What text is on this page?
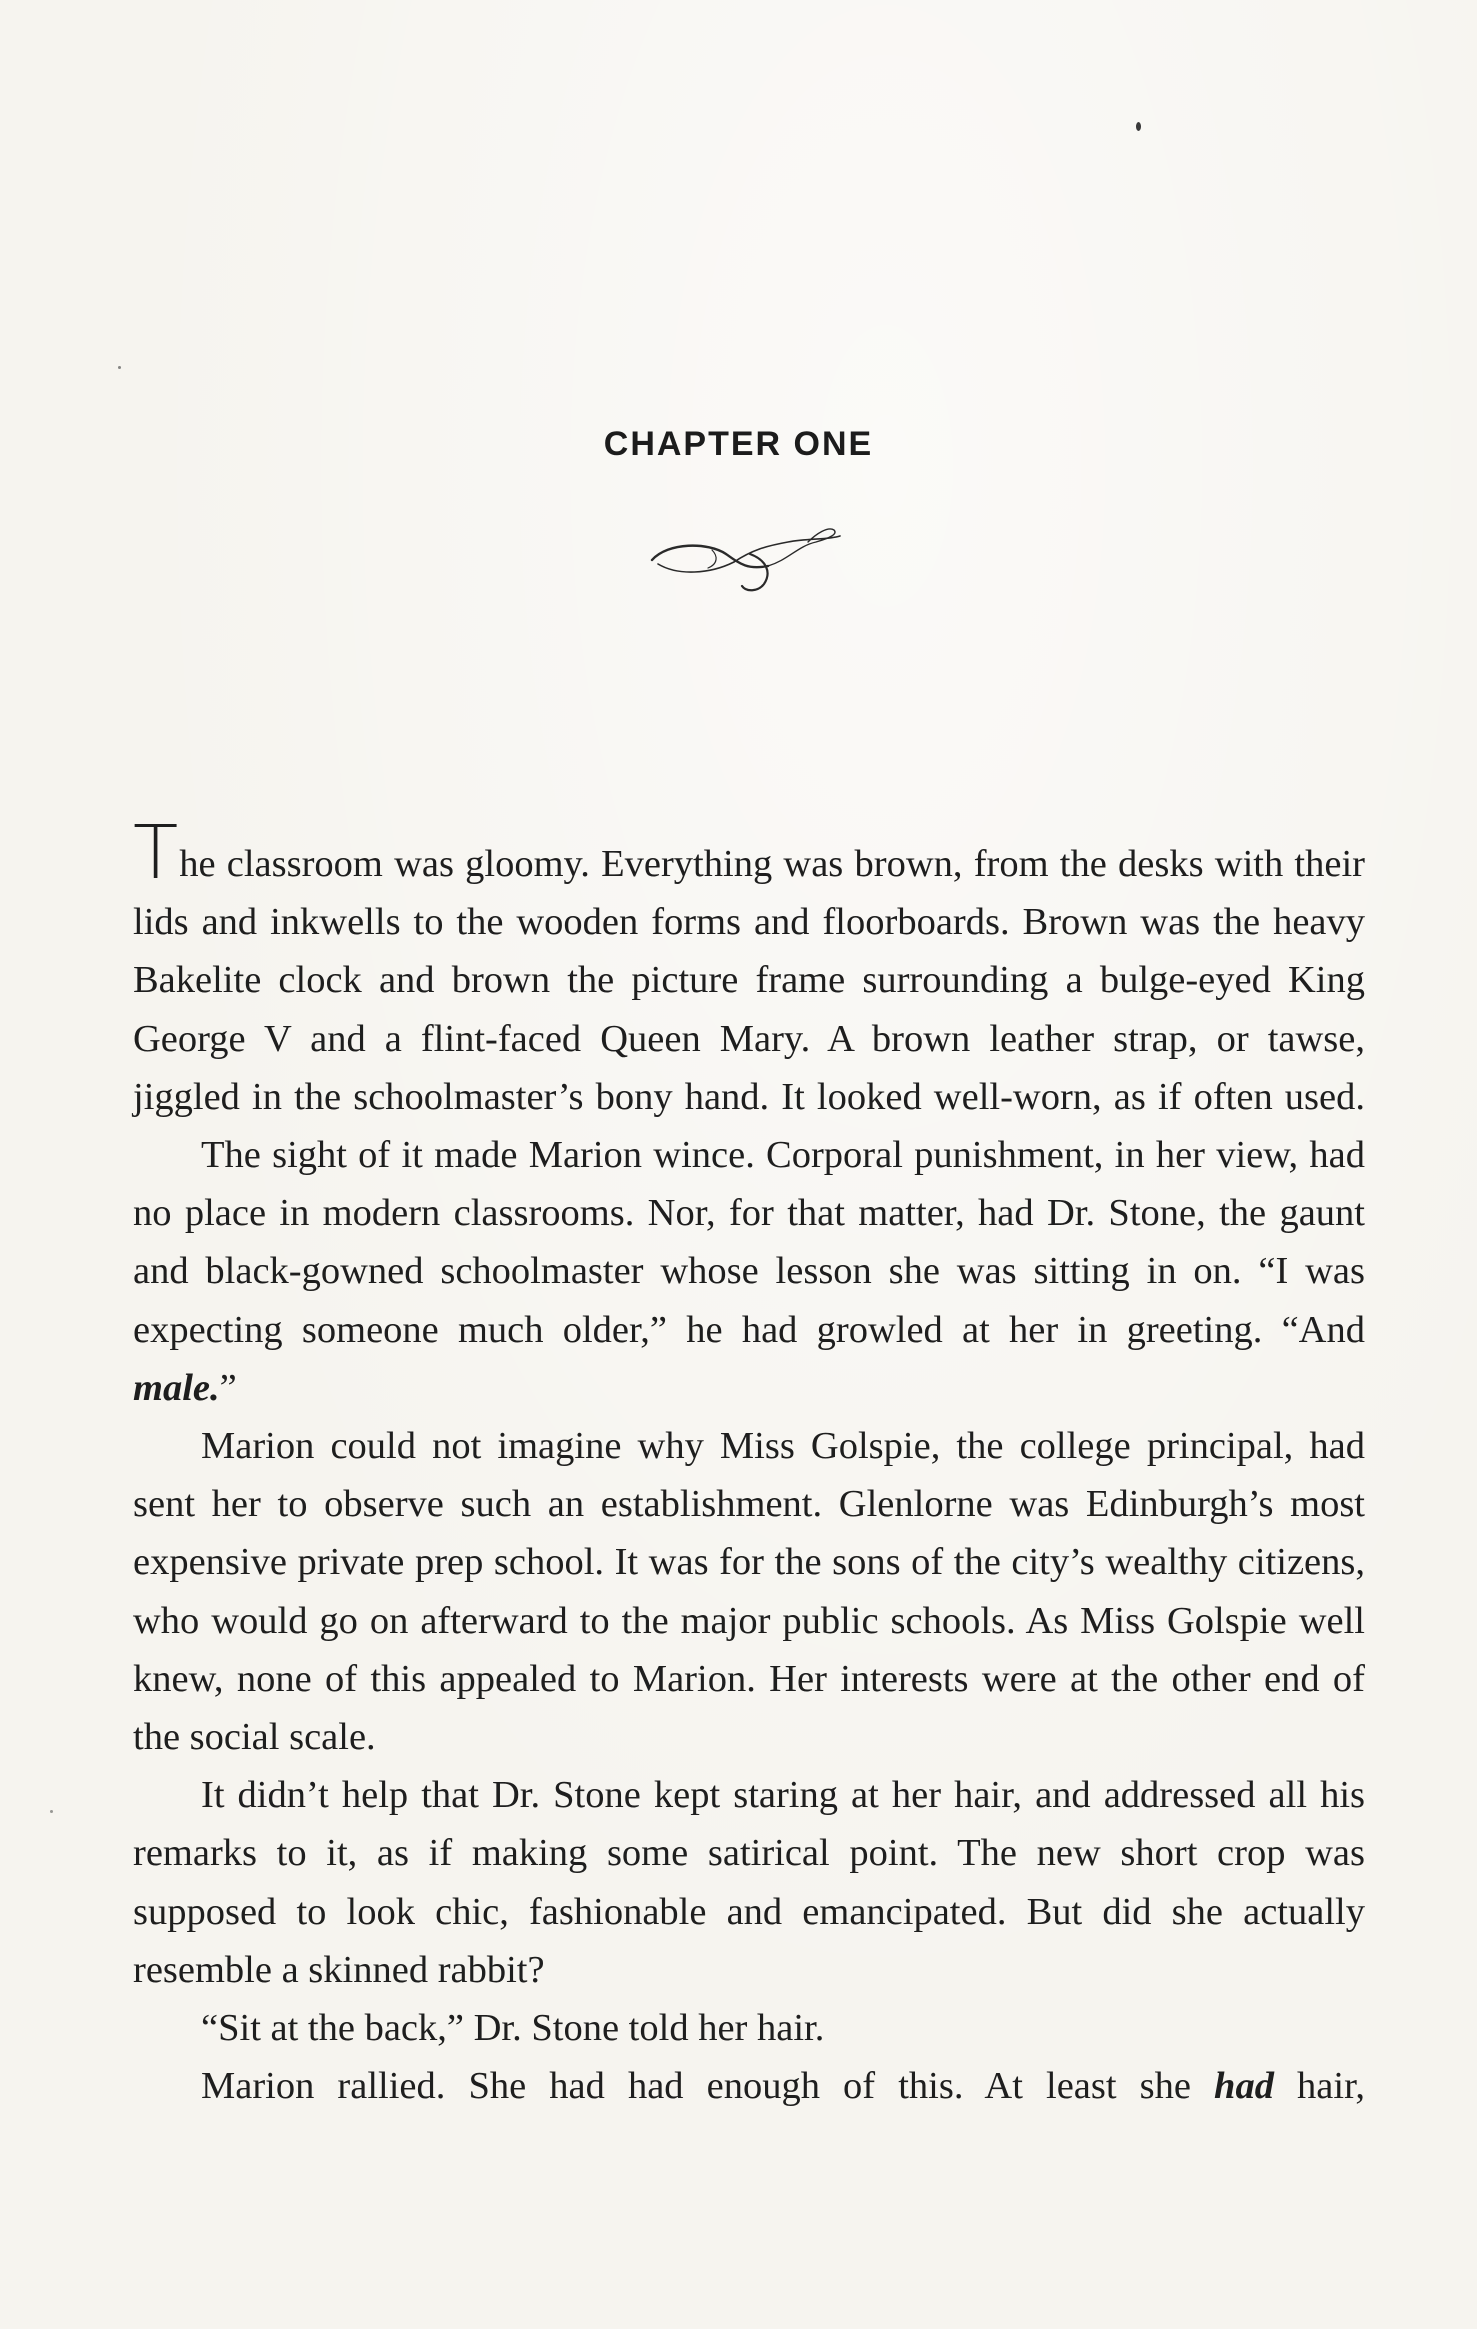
CHAPTER ONE

The classroom was gloomy. Everything was brown, from the desks with their lids and inkwells to the wooden forms and floorboards. Brown was the heavy Bakelite clock and brown the picture frame surrounding a bulge-eyed King George V and a flint-faced Queen Mary. A brown leather strap, or tawse, jiggled in the schoolmaster’s bony hand. It looked well-worn, as if often used.

The sight of it made Marion wince. Corporal punishment, in her view, had no place in modern classrooms. Nor, for that matter, had Dr. Stone, the gaunt and black-gowned schoolmaster whose lesson she was sitting in on. “I was expecting someone much older,” he had growled at her in greeting. “And male.”

Marion could not imagine why Miss Golspie, the college principal, had sent her to observe such an establishment. Glenlorne was Edinburgh’s most expensive private prep school. It was for the sons of the city’s wealthy citizens, who would go on afterward to the major public schools. As Miss Golspie well knew, none of this appealed to Marion. Her interests were at the other end of the social scale.

It didn’t help that Dr. Stone kept staring at her hair, and addressed all his remarks to it, as if making some satirical point. The new short crop was supposed to look chic, fashionable and emancipated. But did she actually resemble a skinned rabbit?

“Sit at the back,” Dr. Stone told her hair.

Marion rallied. She had had enough of this. At least she had hair,
